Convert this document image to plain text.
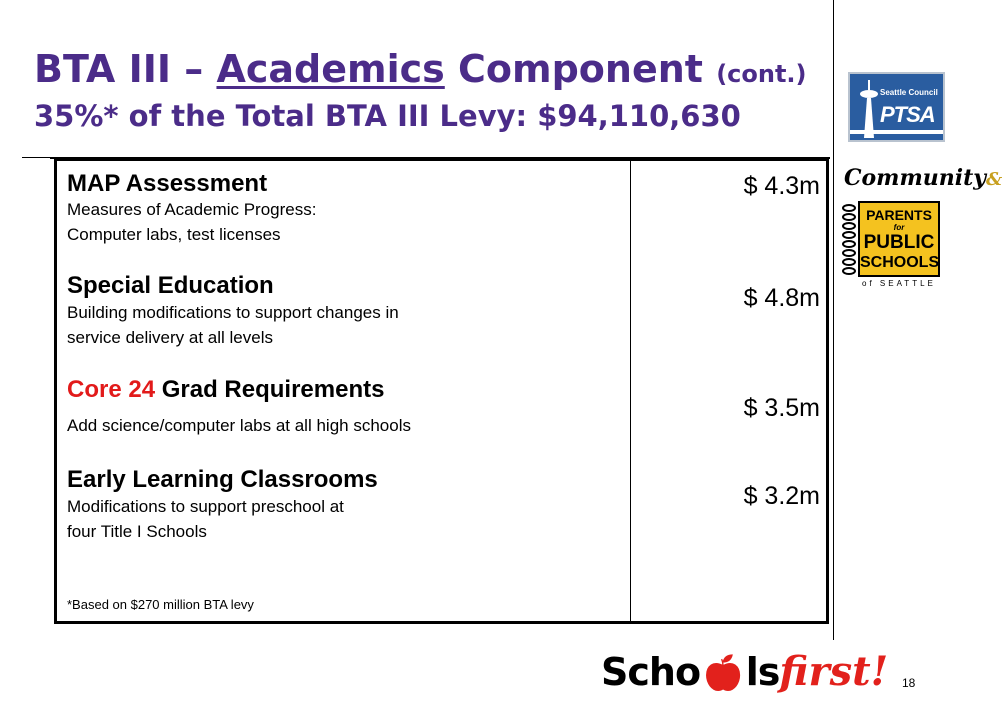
BTA III – Academics Component (cont.)
35%* of the Total BTA III Levy: $94,110,630
MAP Assessment
Measures of Academic Progress:
Computer labs, test licenses
$ 4.3m
Special Education
Building modifications to support changes in
service delivery at all levels
$ 4.8m
Core 24 Grad Requirements
Add science/computer labs at all high schools
$ 3.5m
Early Learning Classrooms
Modifications to support preschool at
four Title I Schools
$ 3.2m
*Based on $270 million BTA levy
Seattle Council
PTSA
Community&
PARENTS
for
PUBLIC
SCHOOLS
of SEATTLE
Scho🍎︎lsfirst! 18
